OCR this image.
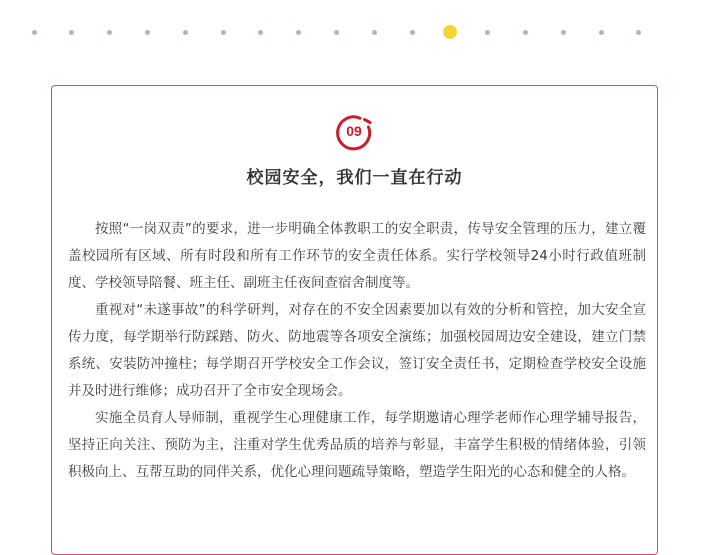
09
校园安全，我们一直在行动

按照“一岗双责”的要求，进一步明确全体教职工的安全职责，传导安全管理的压力，建立覆盖校园所有区域、所有时段和所有工作环节的安全责任体系。实行学校领导24小时行政值班制度、学校领导陪餐、班主任、副班主任夜间查宿舍制度等。

重视对“未遂事故”的科学研判，对存在的不安全因素要加以有效的分析和管控，加大安全宣传力度，每学期举行防踩踏、防火、防地震等各项安全演练；加强校园周边安全建设，建立门禁系统、安装防冲撞柱；每学期召开学校安全工作会议，签订安全责任书，定期检查学校安全设施并及时进行维修；成功召开了全市安全现场会。

实施全员育人导师制，重视学生心理健康工作，每学期邀请心理学老师作心理学辅导报告，坚持正向关注、预防为主，注重对学生优秀品质的培养与彰显，丰富学生积极的情绪体验，引领积极向上、互帮互助的同伴关系，优化心理问题疏导策略，塑造学生阳光的心态和健全的人格。
